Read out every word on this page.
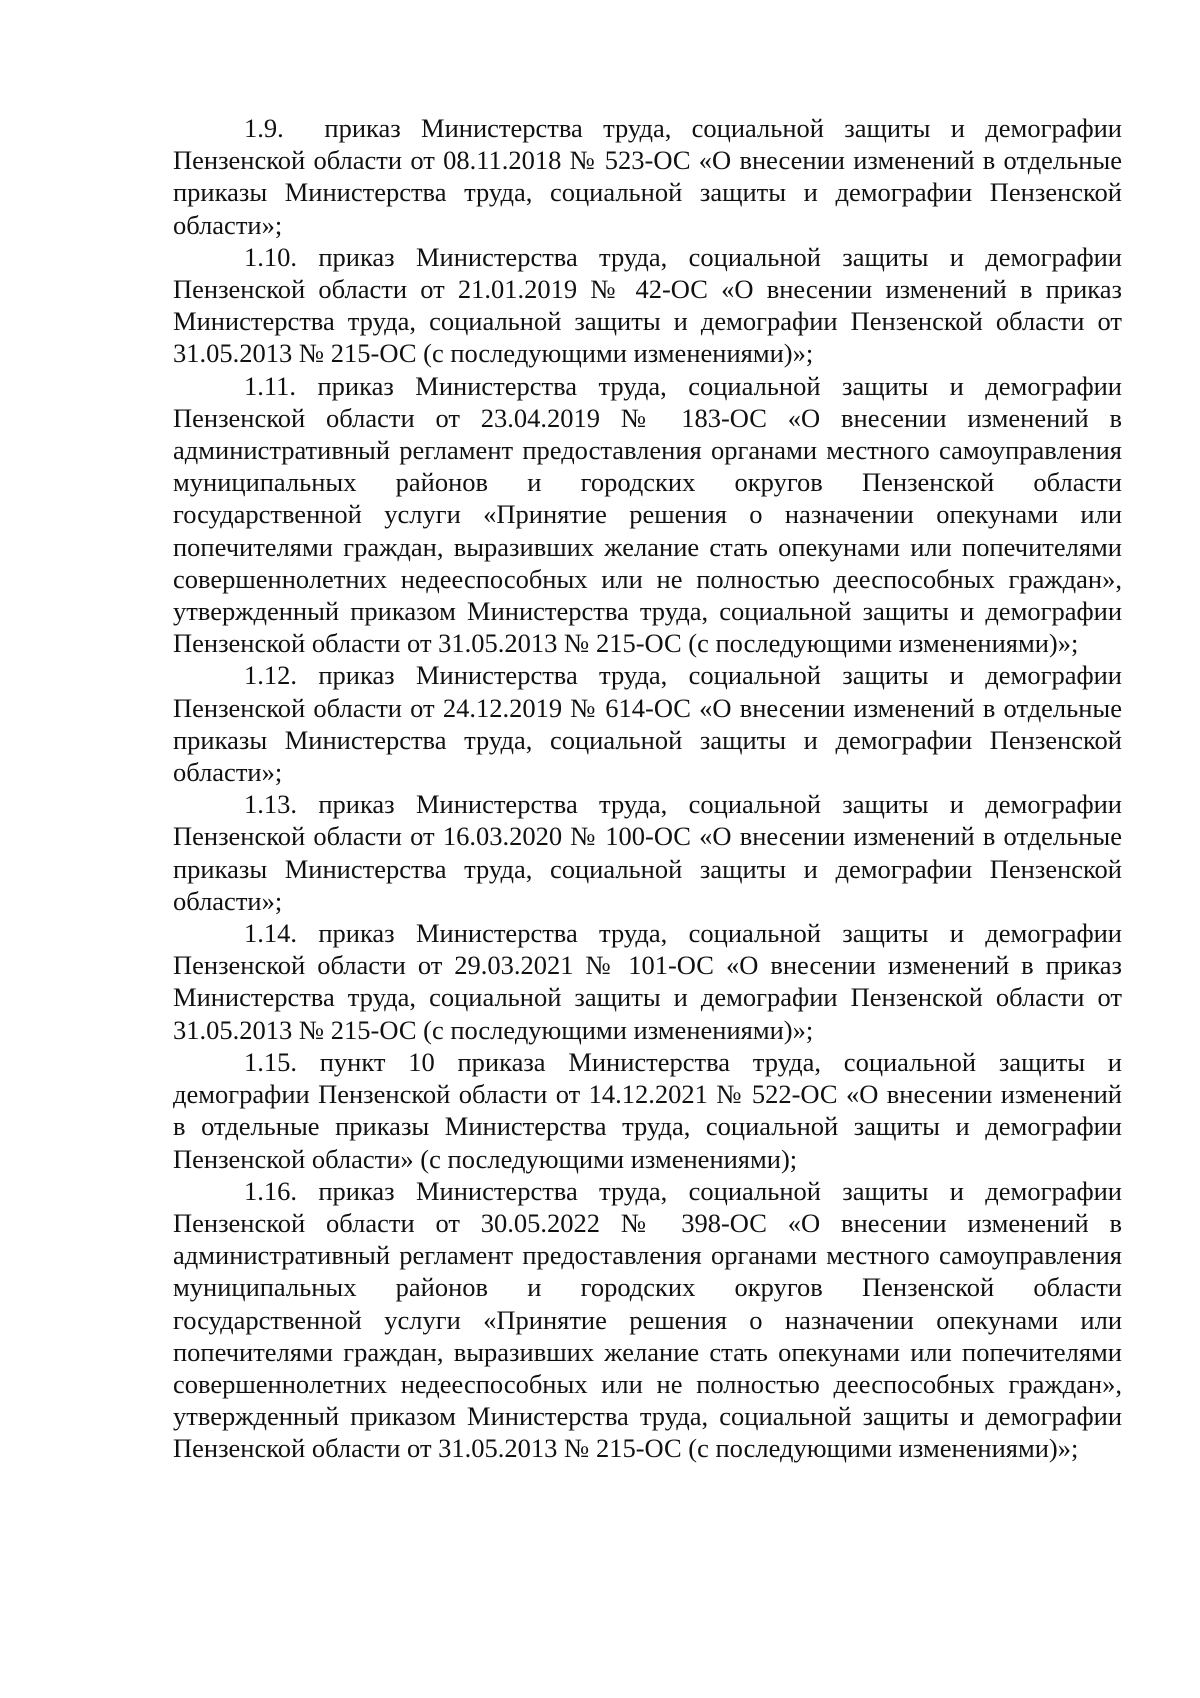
1.9.  приказ Министерства труда, социальной защиты и демографии Пензенской области от 08.11.2018 № 523-ОС «О внесении изменений в отдельные приказы Министерства труда, социальной защиты и демографии Пензенской области»;

1.10. приказ Министерства труда, социальной защиты и демографии Пензенской области от 21.01.2019 № 42-ОС «О внесении изменений в приказ Министерства труда, социальной защиты и демографии Пензенской области от 31.05.2013 № 215-ОС (с последующими изменениями)»;

1.11. приказ Министерства труда, социальной защиты и демографии Пензенской области от 23.04.2019 № 183-ОС «О внесении изменений в административный регламент предоставления органами местного самоуправления муниципальных районов и городских округов Пензенской области государственной услуги «Принятие решения о назначении опекунами или попечителями граждан, выразивших желание стать опекунами или попечителями совершеннолетних недееспособных или не полностью дееспособных граждан», утвержденный приказом Министерства труда, социальной защиты и демографии Пензенской области от 31.05.2013 № 215-ОС (с последующими изменениями)»;

1.12. приказ Министерства труда, социальной защиты и демографии Пензенской области от 24.12.2019 № 614-ОС «О внесении изменений в отдельные приказы Министерства труда, социальной защиты и демографии Пензенской области»;

1.13. приказ Министерства труда, социальной защиты и демографии Пензенской области от 16.03.2020 № 100-ОС «О внесении изменений в отдельные приказы Министерства труда, социальной защиты и демографии Пензенской области»;

1.14. приказ Министерства труда, социальной защиты и демографии Пензенской области от 29.03.2021 № 101-ОС «О внесении изменений в приказ Министерства труда, социальной защиты и демографии Пензенской области от 31.05.2013 № 215-ОС (с последующими изменениями)»;

1.15. пункт 10 приказа Министерства труда, социальной защиты и демографии Пензенской области от 14.12.2021 № 522-ОС «О внесении изменений в отдельные приказы Министерства труда, социальной защиты и демографии Пензенской области» (с последующими изменениями);

1.16. приказ Министерства труда, социальной защиты и демографии Пензенской области от 30.05.2022 № 398-ОС «О внесении изменений в административный регламент предоставления органами местного самоуправления муниципальных районов и городских округов Пензенской области государственной услуги «Принятие решения о назначении опекунами или попечителями граждан, выразивших желание стать опекунами или попечителями совершеннолетних недееспособных или не полностью дееспособных граждан», утвержденный приказом Министерства труда, социальной защиты и демографии Пензенской области от 31.05.2013 № 215-ОС (с последующими изменениями)»;
